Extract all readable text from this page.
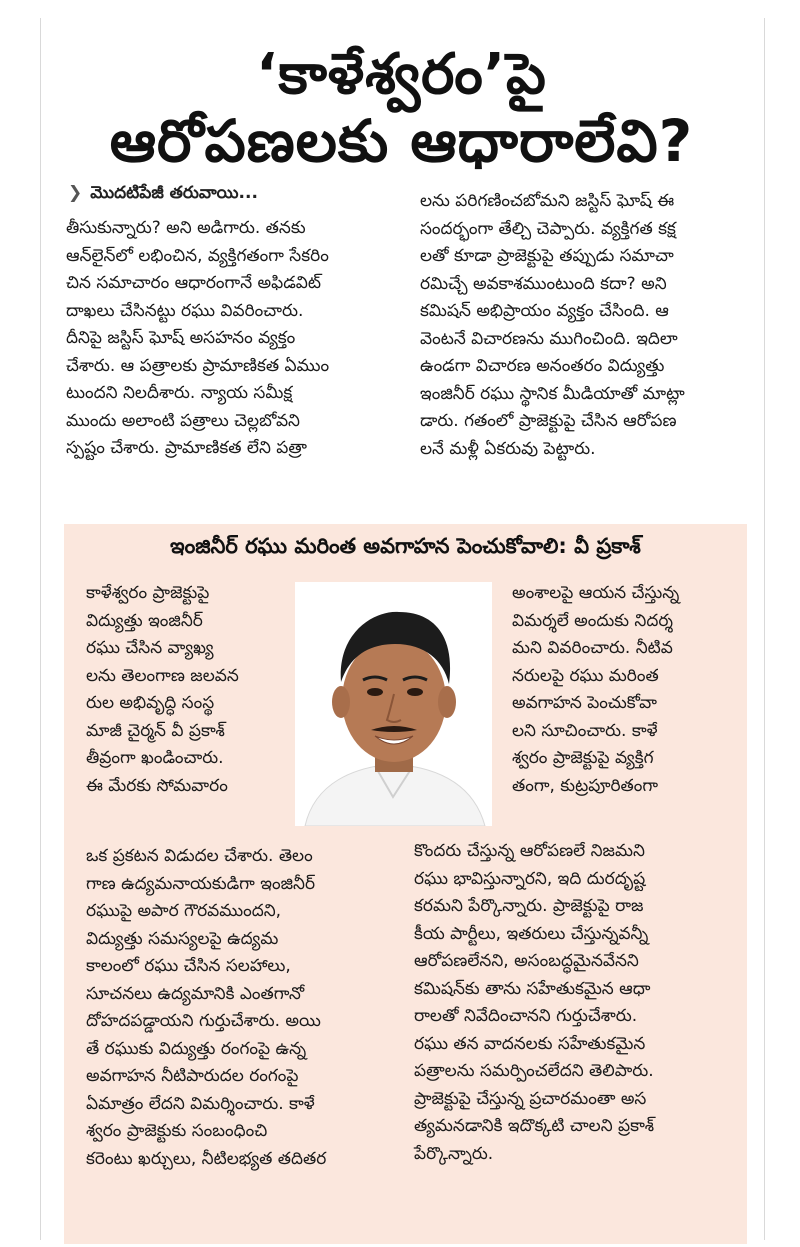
‘కాళేశ్వరం’పై
ఆరోపణలకు ఆధారాలేవి?
❯ మొదటిపేజీ తరువాయి...
తీసుకున్నారు? అని అడిగారు. తనకు
ఆన్‌లైన్‌లో లభించిన, వ్యక్తిగతంగా సేకరిం
చిన సమాచారం ఆధారంగానే అఫిడవిట్
దాఖలు చేసినట్టు రఘు వివరించారు.
దీనిపై జస్టిస్ ఘోష్ అసహనం వ్యక్తం
చేశారు. ఆ పత్రాలకు ప్రామాణికత ఏముం
టుందని నిలదీశారు. న్యాయ సమీక్ష
ముందు అలాంటి పత్రాలు చెల్లబోవని
స్పష్టం చేశారు. ప్రామాణికత లేని పత్రా
లను పరిగణించబోమని జస్టిస్ ఘోష్ ఈ
సందర్భంగా తేల్చి చెప్పారు. వ్యక్తిగత కక్ష
లతో కూడా ప్రాజెక్టుపై తప్పుడు సమాచా
రమిచ్చే అవకాశముంటుంది కదా? అని
కమిషన్ అభిప్రాయం వ్యక్తం చేసింది. ఆ
వెంటనే విచారణను ముగించింది. ఇదిలా
ఉండగా విచారణ అనంతరం విద్యుత్తు
ఇంజినీర్ రఘు స్థానిక మీడియాతో మాట్లా
డారు. గతంలో ప్రాజెక్టుపై చేసిన ఆరోపణ
లనే మళ్లీ ఏకరువు పెట్టారు.
ఇంజినీర్ రఘు మరింత అవగాహన పెంచుకోవాలి: వీ ప్రకాశ్
కాళేశ్వరం ప్రాజెక్టుపై
విద్యుత్తు ఇంజినీర్
రఘు చేసిన వ్యాఖ్య
లను తెలంగాణ జలవన
రుల అభివృద్ధి సంస్థ
మాజీ చైర్మన్ వీ ప్రకాశ్
తీవ్రంగా ఖండించారు.
ఈ మేరకు సోమవారం
అంశాలపై ఆయన చేస్తున్న
విమర్శలే అందుకు నిదర్శ
మని వివరించారు. నీటివ
నరులపై రఘు మరింత
అవగాహన పెంచుకోవా
లని సూచించారు. కాళే
శ్వరం ప్రాజెక్టుపై వ్యక్తిగ
తంగా, కుట్రపూరితంగా
ఒక ప్రకటన విడుదల చేశారు. తెలం
గాణ ఉద్యమనాయకుడిగా ఇంజినీర్
రఘుపై అపార గౌరవముందని,
విద్యుత్తు సమస్యలపై ఉద్యమ
కాలంలో రఘు చేసిన సలహాలు,
సూచనలు ఉద్యమానికి ఎంతగానో
దోహదపడ్డాయని గుర్తుచేశారు. అయి
తే రఘుకు విద్యుత్తు రంగంపై ఉన్న
అవగాహన నీటిపారుదల రంగంపై
ఏమాత్రం లేదని విమర్శించారు. కాళే
శ్వరం ప్రాజెక్టుకు సంబంధించి
కరెంటు ఖర్చులు, నీటిలభ్యత తదితర
కొందరు చేస్తున్న ఆరోపణలే నిజమని
రఘు భావిస్తున్నారని, ఇది దురదృష్ట
కరమని పేర్కొన్నారు. ప్రాజెక్టుపై రాజ
కీయ పార్టీలు, ఇతరులు చేస్తున్నవన్నీ
ఆరోపణలేనని, అసంబద్ధమైనవేనని
కమిషన్‌కు తాను సహేతుకమైన ఆధా
రాలతో నివేదించానని గుర్తుచేశారు.
రఘు తన వాదనలకు సహేతుకమైన
పత్రాలను సమర్పించలేదని తెలిపారు.
ప్రాజెక్టుపై చేస్తున్న ప్రచారమంతా అస
త్యమనడానికి ఇదొక్కటి చాలని ప్రకాశ్
పేర్కొన్నారు.
